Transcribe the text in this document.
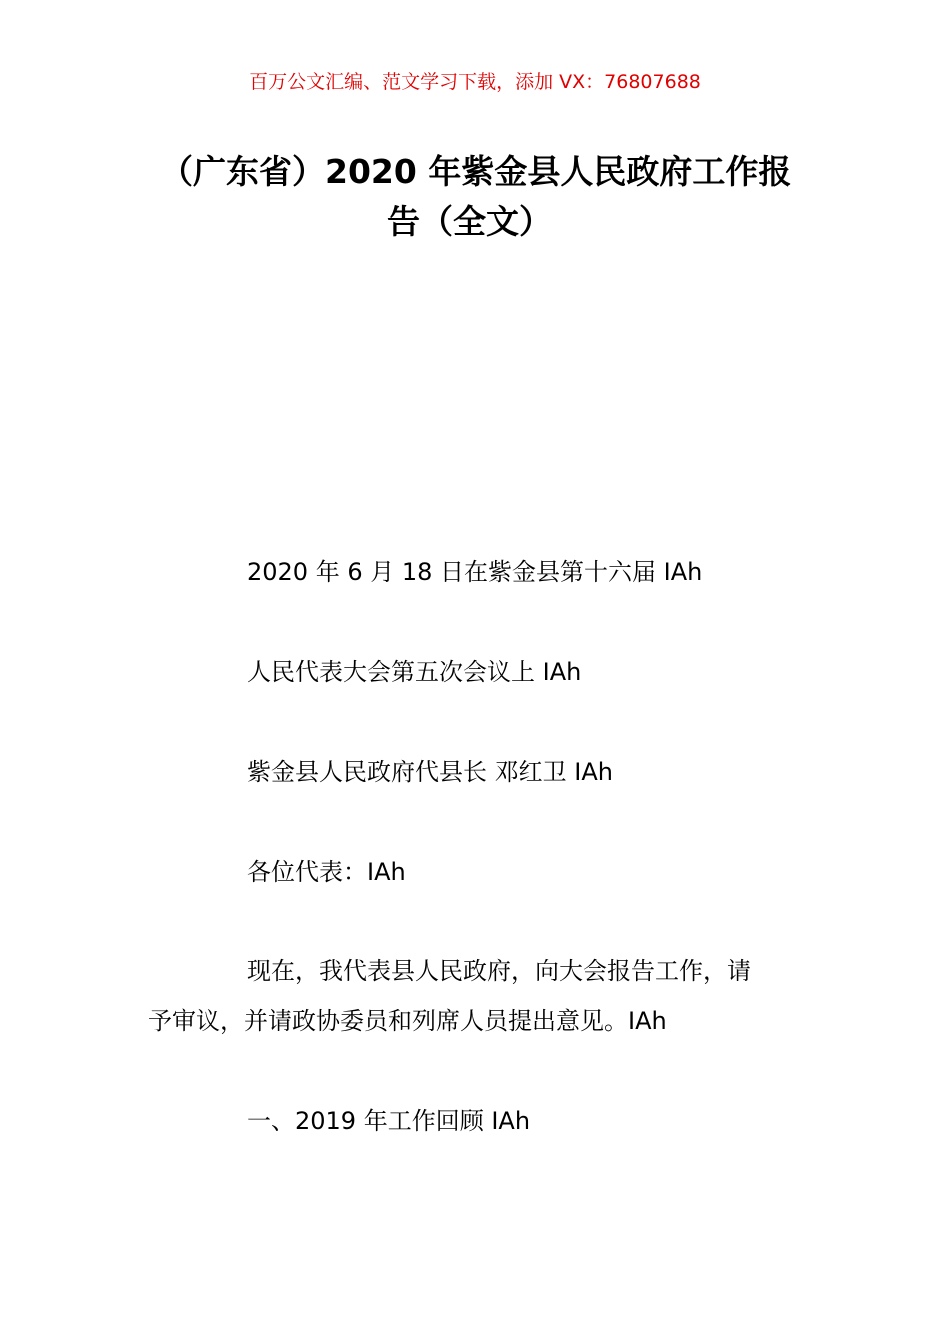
百万公文汇编、范文学习下载，添加 VX：76807688
（广东省）2020 年紫金县人民政府工作报
告（全文）
2020 年 6 月 18 日在紫金县第十六届 IAh
人民代表大会第五次会议上 IAh
紫金县人民政府代县长 邓红卫 IAh
各位代表：IAh
现在，我代表县人民政府，向大会报告工作，请
予审议，并请政协委员和列席人员提出意见。IAh
一、2019 年工作回顾 IAh
